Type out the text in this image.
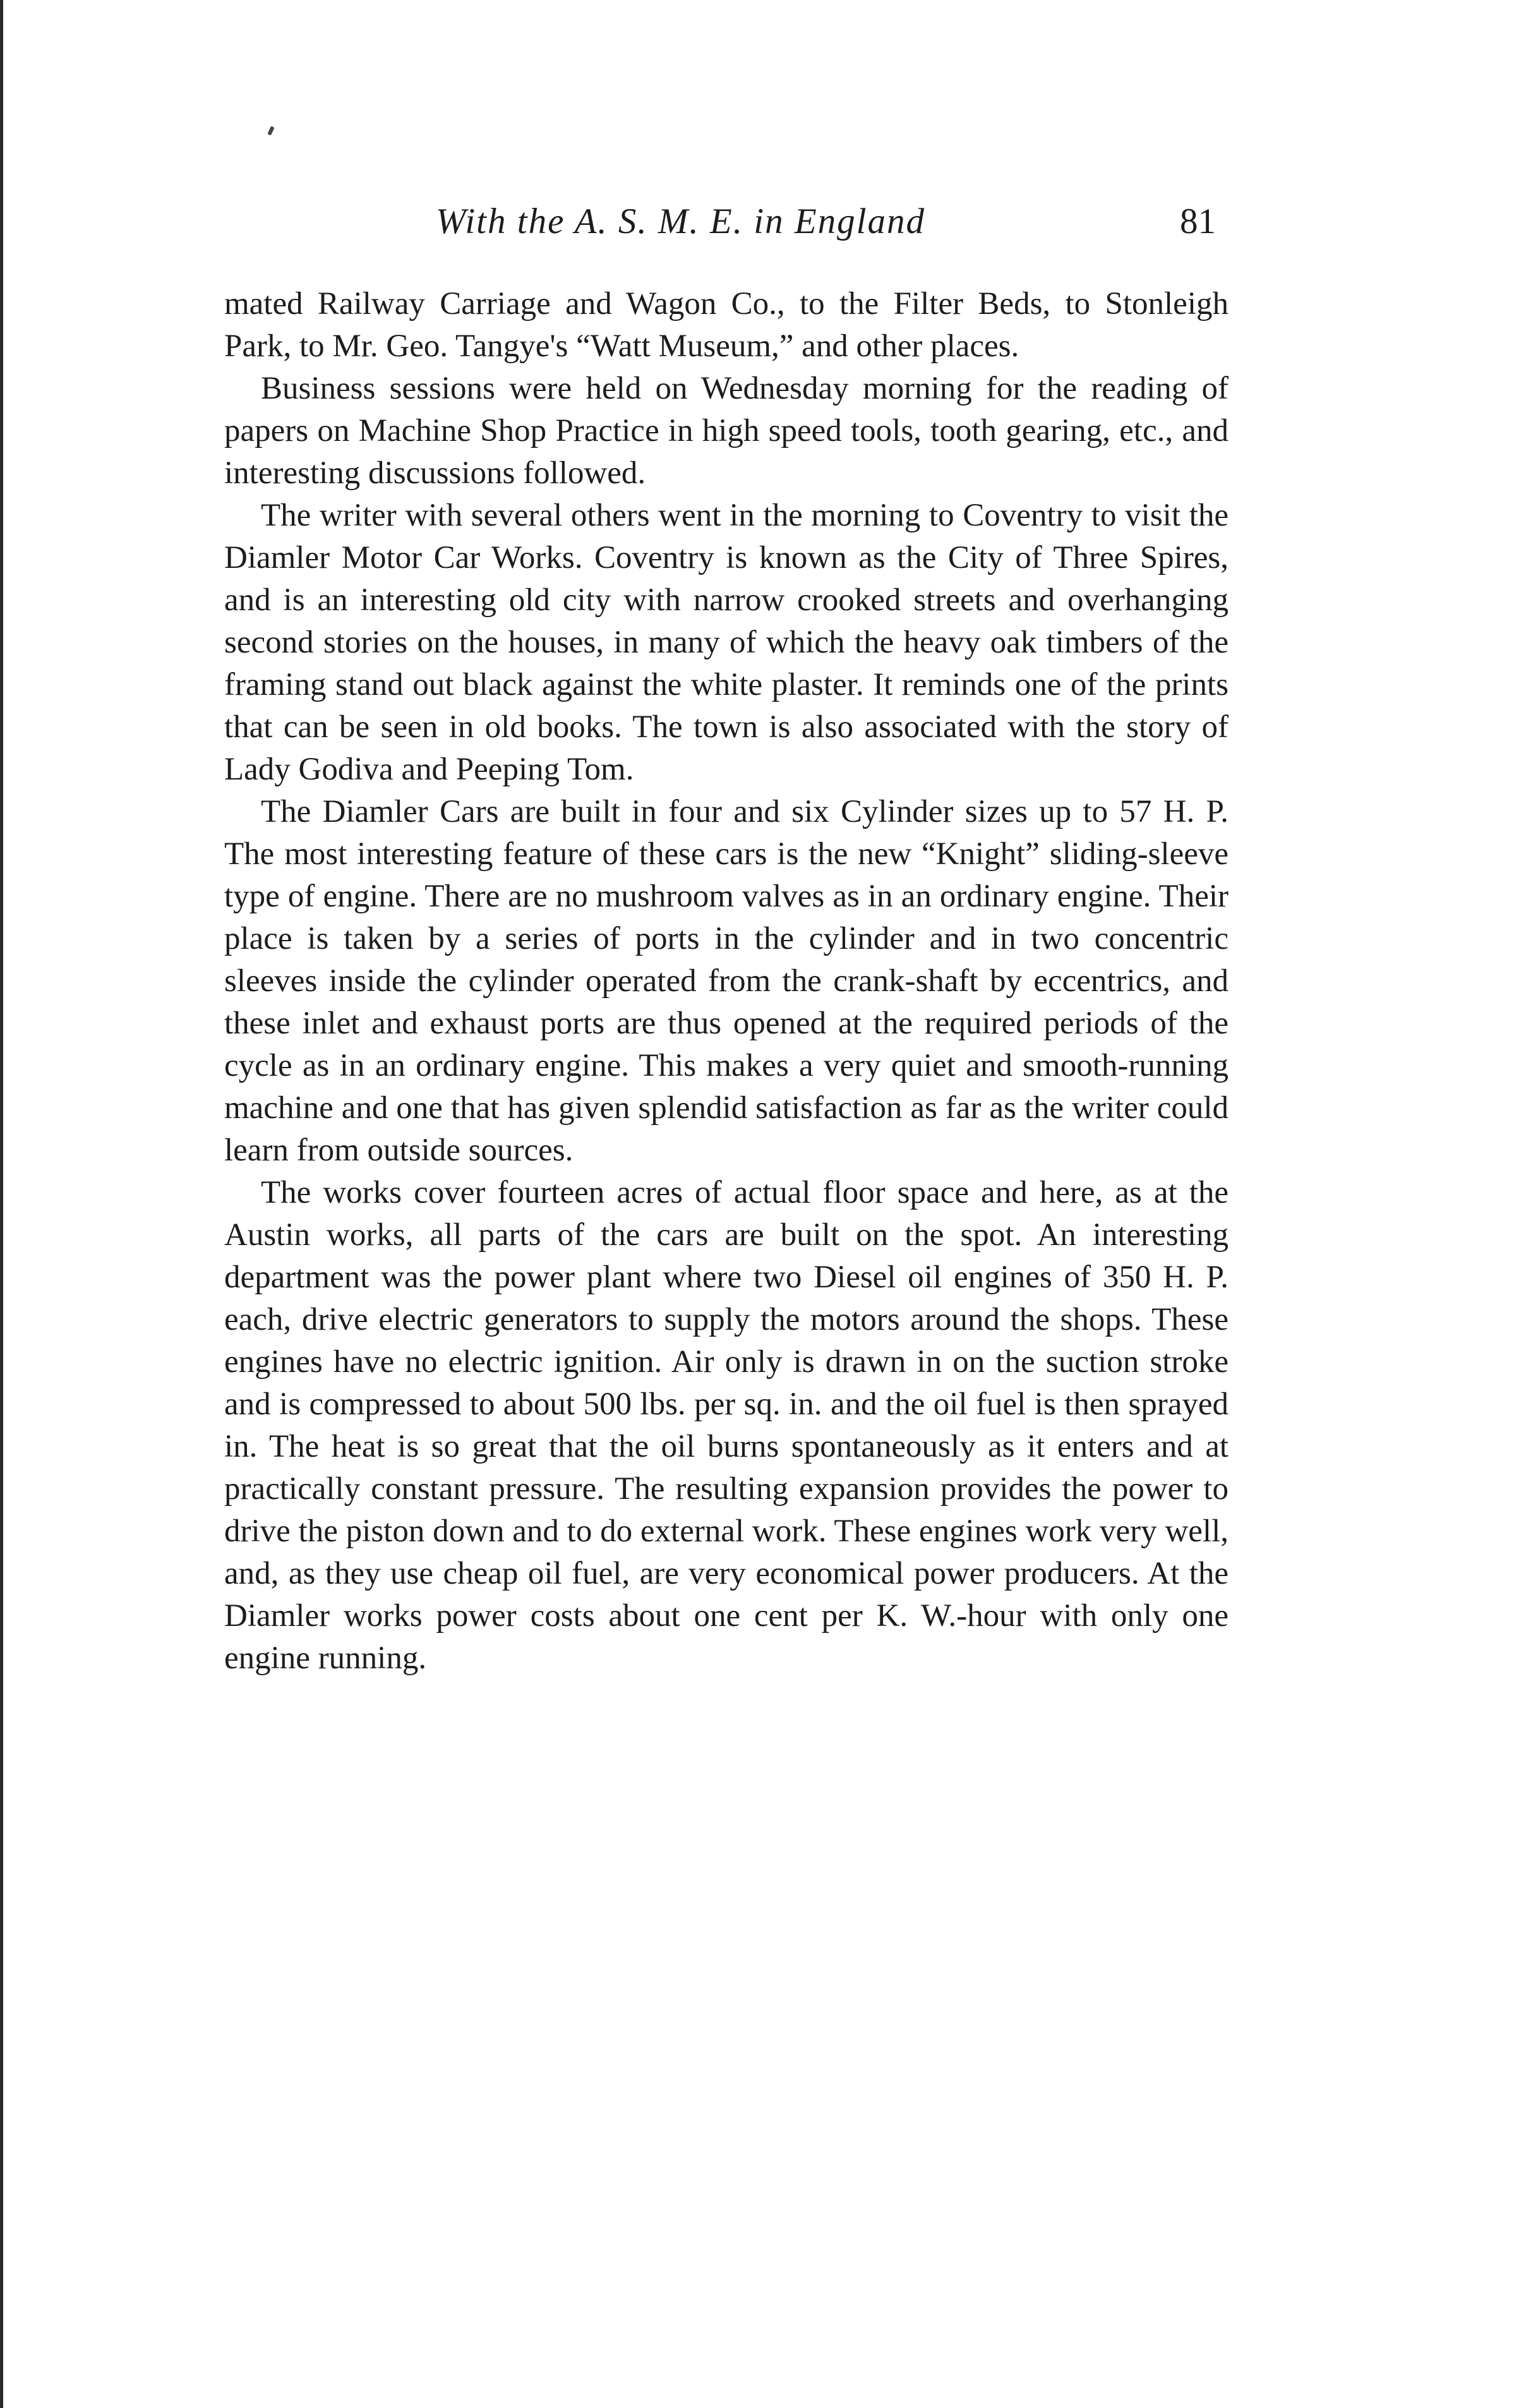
With the A. S. M. E. in England	81

mated Railway Carriage and Wagon Co., to the Filter Beds, to Stonleigh Park, to Mr. Geo. Tangye's “Watt Museum,” and other places.

Business sessions were held on Wednesday morning for the reading of papers on Machine Shop Practice in high speed tools, tooth gearing, etc., and interesting discussions followed.

The writer with several others went in the morning to Coventry to visit the Diamler Motor Car Works. Coventry is known as the City of Three Spires, and is an interesting old city with narrow crooked streets and overhanging second stories on the houses, in many of which the heavy oak timbers of the framing stand out black against the white plaster. It reminds one of the prints that can be seen in old books. The town is also associated with the story of Lady Godiva and Peeping Tom.

The Diamler Cars are built in four and six Cylinder sizes up to 57 H. P. The most interesting feature of these cars is the new “Knight” sliding-sleeve type of engine. There are no mushroom valves as in an ordinary engine. Their place is taken by a series of ports in the cylinder and in two concentric sleeves inside the cylinder operated from the crank-shaft by eccentrics, and these inlet and exhaust ports are thus opened at the required periods of the cycle as in an ordinary engine. This makes a very quiet and smooth-running machine and one that has given splendid satisfaction as far as the writer could learn from outside sources.

The works cover fourteen acres of actual floor space and here, as at the Austin works, all parts of the cars are built on the spot. An interesting department was the power plant where two Diesel oil engines of 350 H. P. each, drive electric generators to supply the motors around the shops. These engines have no electric ignition. Air only is drawn in on the suction stroke and is compressed to about 500 lbs. per sq. in. and the oil fuel is then sprayed in. The heat is so great that the oil burns spontaneously as it enters and at practically constant pressure. The resulting expansion provides the power to drive the piston down and to do external work. These engines work very well, and, as they use cheap oil fuel, are very economical power producers. At the Diamler works power costs about one cent per K. W.-hour with only one engine running.
